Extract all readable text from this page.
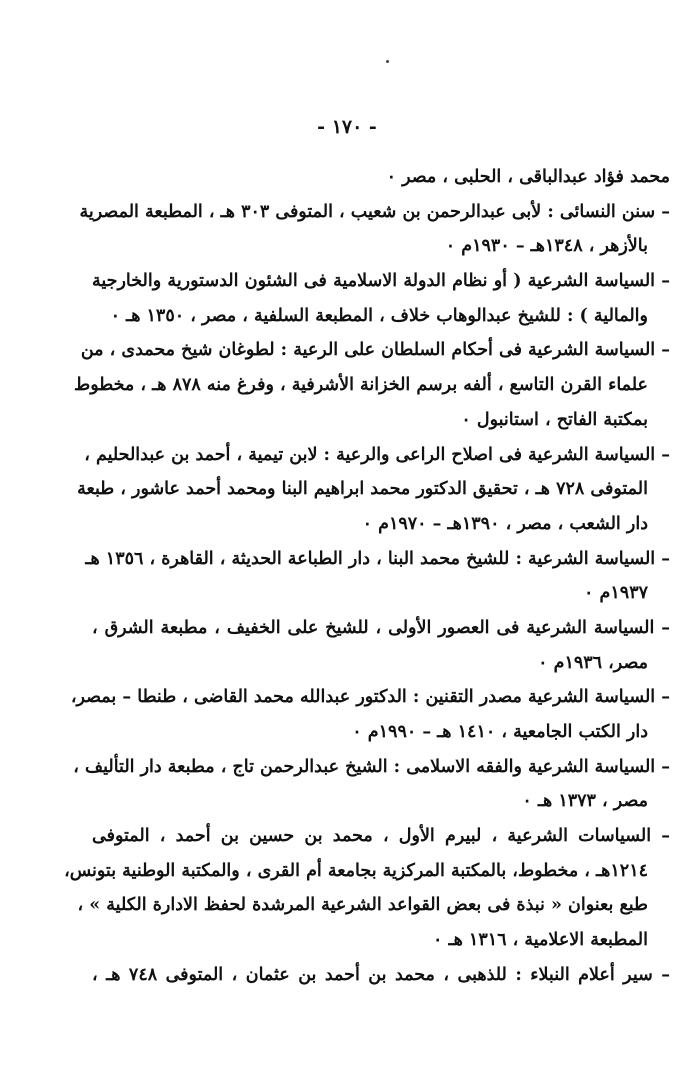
- ١٧٠ -
محمد فؤاد عبدالباقى ، الحلبى ، مصر ٠
– سنن النسائى : لأبى عبدالرحمن بن شعيب ، المتوفى ٣٠٣ هـ ، المطبعة المصرية
بالأزهر ، ١٣٤٨هـ – ١٩٣٠م ٠
– السياسة الشرعية ( أو نظام الدولة الاسلامية فى الشئون الدستورية والخارجية
والمالية ) : للشيخ عبدالوهاب خلاف ، المطبعة السلفية ، مصر ، ١٣٥٠ هـ ٠
– السياسة الشرعية فى أحكام السلطان على الرعية : لطوغان شيخ محمدى ، من
علماء القرن التاسع ، ألفه برسم الخزانة الأشرفية ، وفرغ منه ٨٧٨ هـ ، مخطوط
بمكتبة الفاتح ، استانبول ٠
– السياسة الشرعية فى اصلاح الراعى والرعية : لابن تيمية ، أحمد بن عبدالحليم ،
المتوفى ٧٢٨ هـ ، تحقيق الدكتور محمد ابراهيم البنا ومحمد أحمد عاشور ، طبعة
دار الشعب ، مصر ، ١٣٩٠هـ – ١٩٧٠م ٠
– السياسة الشرعية : للشيخ محمد البنا ، دار الطباعة الحديثة ، القاهرة ، ١٣٥٦ هـ
١٩٣٧م ٠
– السياسة الشرعية فى العصور الأولى ، للشيخ على الخفيف ، مطبعة الشرق ،
مصر، ١٩٣٦م ٠
– السياسة الشرعية مصدر التقنين : الدكتور عبدالله محمد القاضى ، طنطا – بمصر،
دار الكتب الجامعية ، ١٤١٠ هـ – ١٩٩٠م ٠
– السياسة الشرعية والفقه الاسلامى : الشيخ عبدالرحمن تاج ، مطبعة دار التأليف ،
مصر ، ١٣٧٣ هـ ٠
– السياسات الشرعية ، لبيرم الأول ، محمد بن حسين بن أحمد ، المتوفى
١٢١٤هـ ، مخطوط، بالمكتبة المركزية بجامعة أم القرى ، والمكتبة الوطنية بتونس،
طبع بعنوان « نبذة فى بعض القواعد الشرعية المرشدة لحفظ الادارة الكلية » ،
المطبعة الاعلامية ، ١٣١٦ هـ ٠
– سير أعلام النبلاء : للذهبى ، محمد بن أحمد بن عثمان ، المتوفى ٧٤٨ هـ ،
